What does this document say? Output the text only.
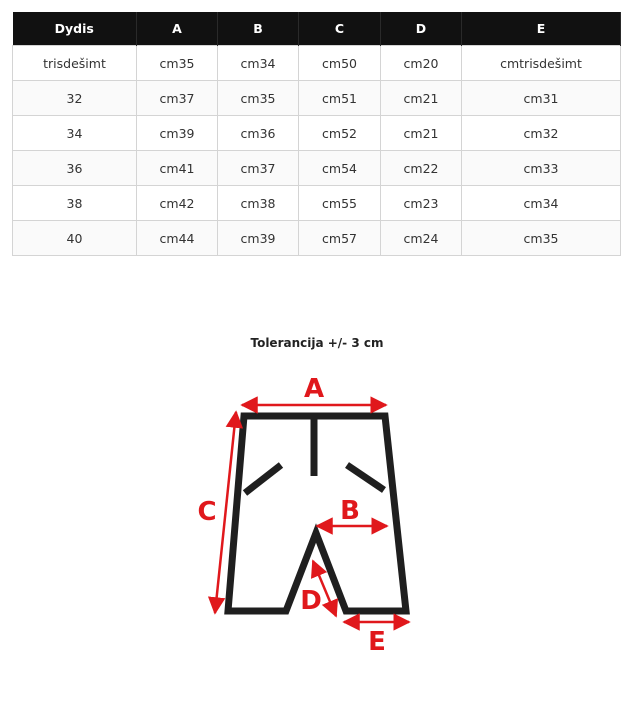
Dydis	A	B	C	D	E
trisdešimt	cm35	cm34	cm50	cm20	cmtrisdešimt
32	cm37	cm35	cm51	cm21	cm31
34	cm39	cm36	cm52	cm21	cm32
36	cm41	cm37	cm54	cm22	cm33
38	cm42	cm38	cm55	cm23	cm34
40	cm44	cm39	cm57	cm24	cm35
Tolerancija +/- 3 cm
A
B
C
D
E
